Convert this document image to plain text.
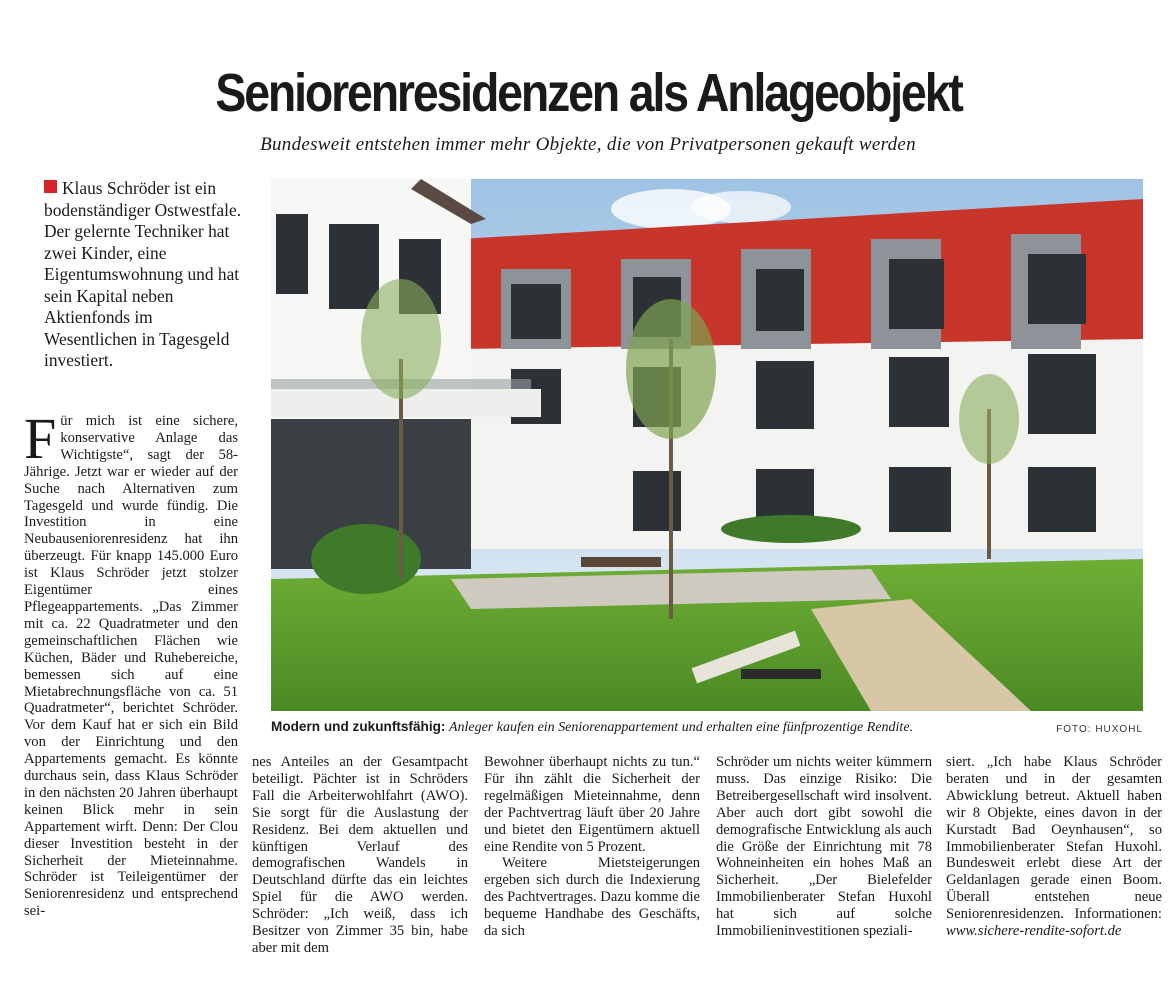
Seniorenresidenzen als Anlageobjekt

Bundesweit entstehen immer mehr Objekte, die von Privatpersonen gekauft werden

Klaus Schröder ist ein bodenständiger Ostwestfale. Der gelernte Techniker hat zwei Kinder, eine Eigentumswohnung und hat sein Kapital neben Aktienfonds im Wesentlichen in Tagesgeld investiert.

Modern und zukunftsfähig: Anleger kaufen ein Seniorenappartement und erhalten eine fünfprozentige Rendite.	FOTO: HUXOHL
Für mich ist eine sichere, konservative Anlage das Wichtigste“, sagt der 58-Jährige. Jetzt war er wieder auf der Suche nach Alternativen zum Tagesgeld und wurde fündig. Die Investition in eine Neubauseniorenresidenz hat ihn überzeugt. Für knapp 145.000 Euro ist Klaus Schröder jetzt stolzer Eigentümer eines Pflegeappartements. „Das Zimmer mit ca. 22 Quadratmeter und den gemeinschaftlichen Flächen wie Küchen, Bäder und Ruhebereiche, bemessen sich auf eine Mietabrechnungsfläche von ca. 51 Quadratmeter“, berichtet Schröder. Vor dem Kauf hat er sich ein Bild von der Einrichtung und den Appartements gemacht. Es könnte durchaus sein, dass Klaus Schröder in den nächsten 20 Jahren überhaupt keinen Blick mehr in sein Appartement wirft. Denn: Der Clou dieser Investition besteht in der Sicherheit der Mieteinnahme. Schröder ist Teileigentümer der Seniorenresidenz und entsprechend sei-
nes Anteiles an der Gesamtpacht beteiligt. Pächter ist in Schröders Fall die Arbeiterwohlfahrt (AWO). Sie sorgt für die Auslastung der Residenz. Bei dem aktuellen und künftigen Verlauf des demografischen Wandels in Deutschland dürfte das ein leichtes Spiel für die AWO werden. Schröder: „Ich weiß, dass ich Besitzer von Zimmer 35 bin, habe aber mit dem
Bewohner überhaupt nichts zu tun.“ Für ihn zählt die Sicherheit der regelmäßigen Mieteinnahme, denn der Pachtvertrag läuft über 20 Jahre und bietet den Eigentümern aktuell eine Rendite von 5 Prozent.
Weitere Mietsteigerungen ergeben sich durch die Indexierung des Pachtvertrages. Dazu komme die bequeme Handhabe des Geschäfts, da sich
Schröder um nichts weiter kümmern muss. Das einzige Risiko: Die Betreibergesellschaft wird insolvent. Aber auch dort gibt sowohl die demografische Entwicklung als auch die Größe der Einrichtung mit 78 Wohneinheiten ein hohes Maß an Sicherheit. „Der Bielefelder Immobilienberater Stefan Huxohl hat sich auf solche Immobilieninvestitionen speziali-
siert. „Ich habe Klaus Schröder beraten und in der gesamten Abwicklung betreut. Aktuell haben wir 8 Objekte, eines davon in der Kurstadt Bad Oeynhausen“, so Immobilienberater Stefan Huxohl. Bundesweit erlebt diese Art der Geldanlagen gerade einen Boom. Überall entstehen neue Seniorenresidenzen. Informationen: www.sichere-rendite-sofort.de
